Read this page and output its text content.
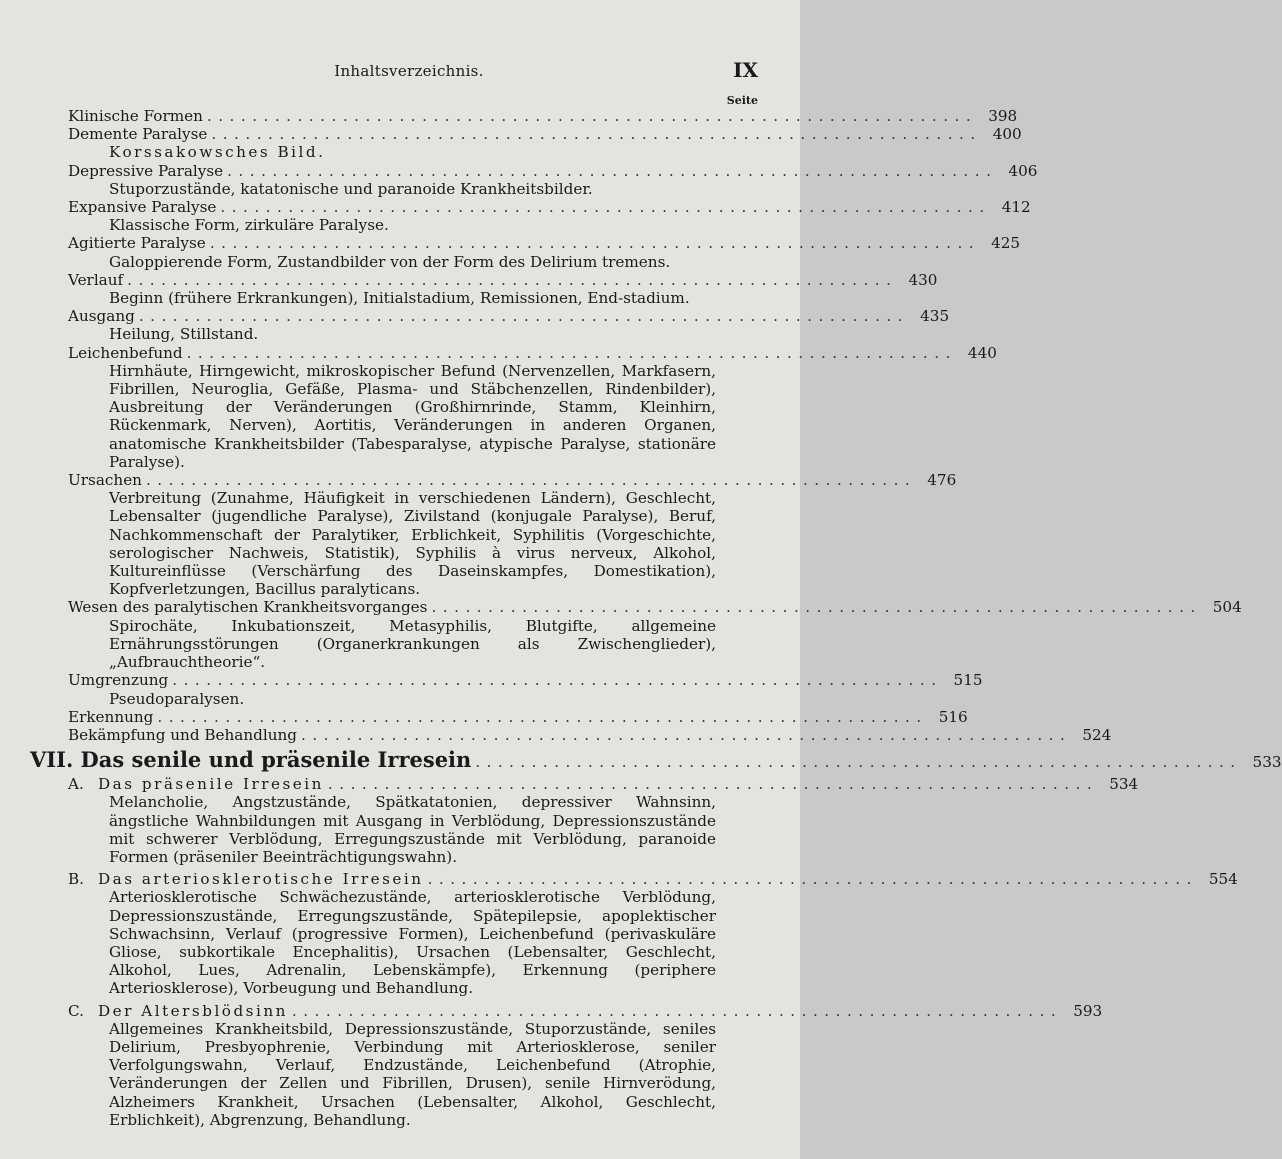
Inhaltsverzeichnis.	IX
Seite
Klinische Formen .................................................................... 398
Demente Paralyse .................................................................... 400
Korssakowsches Bild.
Depressive Paralyse .................................................................... 406
Stuporzustände, katatonische und paranoide Krankheitsbilder.
Expansive Paralyse .................................................................... 412
Klassische Form, zirkuläre Paralyse.
Agitierte Paralyse .................................................................... 425
Galoppierende Form, Zustandbilder von der Form des Delirium tremens.
Verlauf .................................................................... 430
Beginn (frühere Erkrankungen), Initialstadium, Remissionen, End-stadium.
Ausgang .................................................................... 435
Heilung, Stillstand.
Leichenbefund .................................................................... 440
Hirnhäute, Hirngewicht, mikroskopischer Befund (Nervenzellen, Markfasern, Fibrillen, Neuroglia, Gefäße, Plasma- und Stäbchenzellen, Rindenbilder), Ausbreitung der Veränderungen (Großhirnrinde, Stamm, Kleinhirn, Rückenmark, Nerven), Aortitis, Veränderungen in anderen Organen, anatomische Krankheitsbilder (Tabesparalyse, atypische Paralyse, stationäre Paralyse).
Ursachen .................................................................... 476
Verbreitung (Zunahme, Häufigkeit in verschiedenen Ländern), Geschlecht, Lebensalter (jugendliche Paralyse), Zivilstand (konjugale Paralyse), Beruf, Nachkommenschaft der Paralytiker, Erblichkeit, Syphilitis (Vorgeschichte, serologischer Nachweis, Statistik), Syphilis à virus nerveux, Alkohol, Kultureinflüsse (Verschärfung des Daseinskampfes, Domestikation), Kopfverletzungen, Bacillus paralyticans.
Wesen des paralytischen Krankheitsvorganges .................................................................... 504
Spirochäte, Inkubationszeit, Metasyphilis, Blutgifte, allgemeine Ernährungsstörungen (Organerkrankungen als Zwischenglieder), „Aufbrauchtheorie“.
Umgrenzung .................................................................... 515
Pseudoparalysen.
Erkennung .................................................................... 516
Bekämpfung und Behandlung .................................................................... 524
VII. Das senile und präsenile Irresein .................................................................... 533
A. Das präsenile Irresein .................................................................... 534
Melancholie, Angstzustände, Spätkatatonien, depressiver Wahnsinn, ängstliche Wahnbildungen mit Ausgang in Verblödung, Depressionszustände mit schwerer Verblödung, Erregungszustände mit Verblödung, paranoide Formen (präseniler Beeinträchtigungswahn).
B. Das arteriosklerotische Irresein .................................................................... 554
Arteriosklerotische Schwächezustände, arteriosklerotische Verblödung, Depressionszustände, Erregungszustände, Spätepilepsie, apoplektischer Schwachsinn, Verlauf (progressive Formen), Leichenbefund (perivaskuläre Gliose, subkortikale Encephalitis), Ursachen (Lebensalter, Geschlecht, Alkohol, Lues, Adrenalin, Lebenskämpfe), Erkennung (periphere Arteriosklerose), Vorbeugung und Behandlung.
C. Der Altersblödsinn .................................................................... 593
Allgemeines Krankheitsbild, Depressionszustände, Stuporzustände, seniles Delirium, Presbyophrenie, Verbindung mit Arteriosklerose, seniler Verfolgungswahn, Verlauf, Endzustände, Leichenbefund (Atrophie, Veränderungen der Zellen und Fibrillen, Drusen), senile Hirnverödung, Alzheimers Krankheit, Ursachen (Lebensalter, Alkohol, Geschlecht, Erblichkeit), Abgrenzung, Behandlung.
